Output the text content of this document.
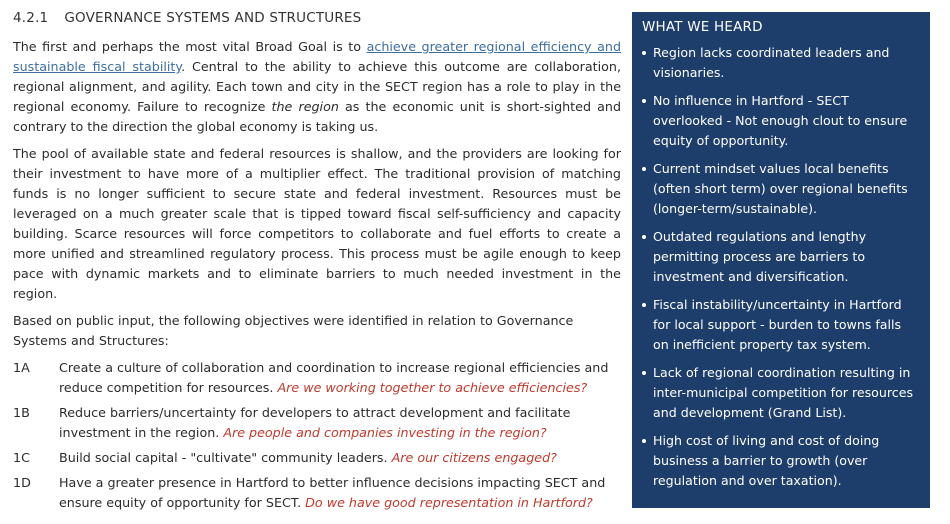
4.2.1 GOVERNANCE SYSTEMS AND STRUCTURES

The first and perhaps the most vital Broad Goal is to achieve greater regional efficiency and sustainable fiscal stability. Central to the ability to achieve this outcome are collaboration, regional alignment, and agility. Each town and city in the SECT region has a role to play in the regional economy. Failure to recognize the region as the economic unit is short-sighted and contrary to the direction the global economy is taking us.

The pool of available state and federal resources is shallow, and the providers are looking for their investment to have more of a multiplier effect. The traditional provision of matching funds is no longer sufficient to secure state and federal investment. Resources must be leveraged on a much greater scale that is tipped toward fiscal self-sufficiency and capacity building. Scarce resources will force competitors to collaborate and fuel efforts to create a more unified and streamlined regulatory process. This process must be agile enough to keep pace with dynamic markets and to eliminate barriers to much needed investment in the region.

Based on public input, the following objectives were identified in relation to Governance Systems and Structures:

1A	Create a culture of collaboration and coordination to increase regional efficiencies and reduce competition for resources. Are we working together to achieve efficiencies?
1B	Reduce barriers/uncertainty for developers to attract development and facilitate investment in the region. Are people and companies investing in the region?
1C	Build social capital - "cultivate" community leaders. Are our citizens engaged?
1D	Have a greater presence in Hartford to better influence decisions impacting SECT and ensure equity of opportunity for SECT. Do we have good representation in Hartford?
WHAT WE HEARD
Region lacks coordinated leaders and visionaries.
No influence in Hartford - SECT overlooked - Not enough clout to ensure equity of opportunity.
Current mindset values local benefits (often short term) over regional benefits (longer-term/sustainable).
Outdated regulations and lengthy permitting process are barriers to investment and diversification.
Fiscal instability/uncertainty in Hartford for local support - burden to towns falls on inefficient property tax system.
Lack of regional coordination resulting in inter-municipal competition for resources and development (Grand List).
High cost of living and cost of doing business a barrier to growth (over regulation and over taxation).
